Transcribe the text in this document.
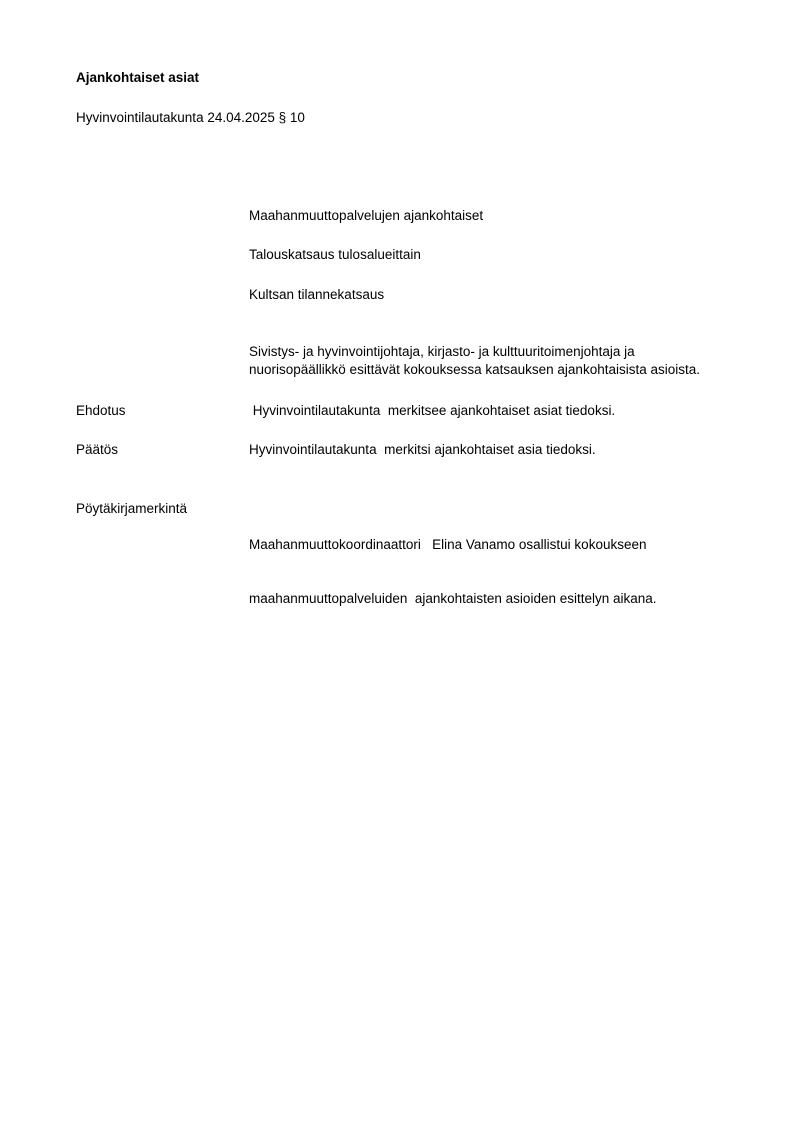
Ajankohtaiset asiat
Hyvinvointilautakunta 24.04.2025 § 10
Maahanmuuttopalvelujen ajankohtaiset
Talouskatsaus tulosalueittain
Kultsan tilannekatsaus
Sivistys- ja hyvinvointijohtaja, kirjasto- ja kulttuuritoimenjohtaja ja
nuorisopäällikkö esittävät kokouksessa katsauksen ajankohtaisista asioista.
Ehdotus	Hyvinvointilautakunta  merkitsee ajankohtaiset asiat tiedoksi.
Päätös	Hyvinvointilautakunta  merkitsi ajankohtaiset asia tiedoksi.
Pöytäkirjamerkintä

Maahanmuuttokoordinaattori   Elina Vanamo osallistui kokoukseen

maahanmuuttopalveluiden  ajankohtaisten asioiden esittelyn aikana.
